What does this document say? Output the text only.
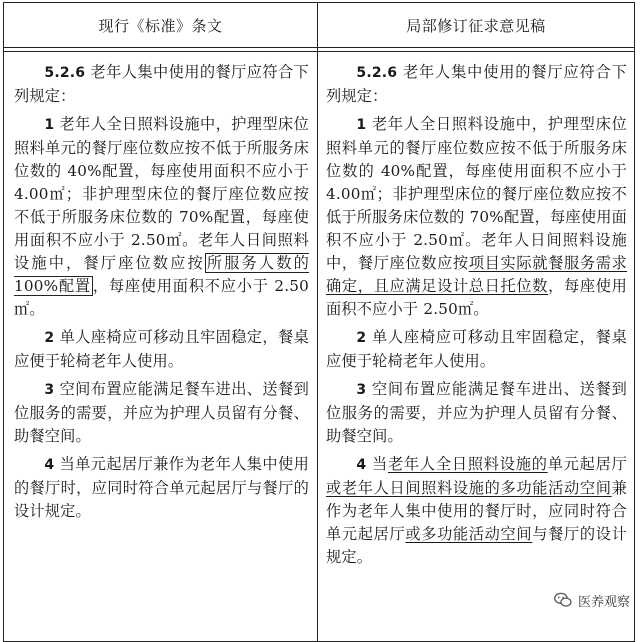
现行《标准》条文	局部修订征求意见稿

5.2.6 老年人集中使用的餐厅应符合下列规定：

1 老年人全日照料设施中，护理型床位照料单元的餐厅座位数应按不低于所服务床位数的 40%配置，每座使用面积不应小于 4.00㎡；非护理型床位的餐厅座位数应按不低于所服务床位数的 70%配置，每座使用面积不应小于 2.50㎡。老年人日间照料设施中，餐厅座位数应按 所服务人数的 100%配置 ，每座使用面积不应小于 2.50㎡。

2 单人座椅应可移动且牢固稳定，餐桌应便于轮椅老年人使用。

3 空间布置应能满足餐车进出、送餐到位服务的需要，并应为护理人员留有分餐、助餐空间。

4 当单元起居厅兼作为老年人集中使用的餐厅时，应同时符合单元起居厅与餐厅的设计规定。

5.2.6 老年人集中使用的餐厅应符合下列规定：

1 老年人全日照料设施中，护理型床位照料单元的餐厅座位数应按不低于所服务床位数的 40%配置，每座使用面积不应小于 4.00㎡；非护理型床位的餐厅座位数应按不低于所服务床位数的 70%配置，每座使用面积不应小于 2.50㎡。老年人日间照料设施中，餐厅座位数应按项目实际就餐服务需求确定，且应满足设计总日托位数，每座使用面积不应小于 2.50㎡。

2 单人座椅应可移动且牢固稳定，餐桌应便于轮椅老年人使用。

3 空间布置应能满足餐车进出、送餐到位服务的需要，并应为护理人员留有分餐、助餐空间。

4 当老年人全日照料设施的单元起居厅或老年人日间照料设施的多功能活动空间兼作为老年人集中使用的餐厅时，应同时符合单元起居厅或多功能活动空间与餐厅的设计规定。

医养观察
